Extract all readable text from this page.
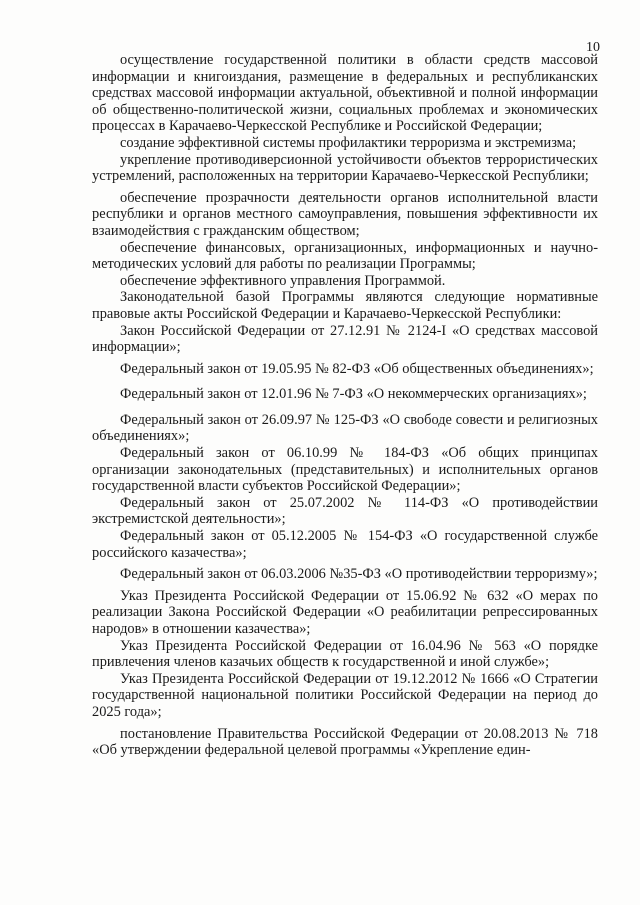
10

осуществление государственной политики в области средств массовой информации и книгоиздания, размещение в федеральных и республиканских средствах массовой информации актуальной, объективной и полной информации об общественно-политической жизни, социальных проблемах и экономических процессах в Карачаево-Черкесской Республике и Российской Федерации;

создание эффективной системы профилактики терроризма и экстремизма;

укрепление противодиверсионной устойчивости объектов террористических устремлений, расположенных на территории Карачаево-Черкесской Республики;

обеспечение прозрачности деятельности органов исполнительной власти республики и органов местного самоуправления, повышения эффективности их взаимодействия с гражданским обществом;

обеспечение финансовых, организационных, информационных и научно-методических условий для работы по реализации Программы;

обеспечение эффективного управления Программой.

Законодательной базой Программы являются следующие нормативные правовые акты Российской Федерации и Карачаево-Черкесской Республики:

Закон Российской Федерации от 27.12.91 № 2124-I «О средствах массовой информации»;

Федеральный закон от 19.05.95 № 82-ФЗ «Об общественных объединениях»;

Федеральный закон от 12.01.96 № 7-ФЗ «О некоммерческих организациях»;

Федеральный закон от 26.09.97 № 125-ФЗ «О свободе совести и религиозных объединениях»;

Федеральный закон от 06.10.99 № 184-ФЗ «Об общих принципах организации законодательных (представительных) и исполнительных органов государственной власти субъектов Российской Федерации»;

Федеральный закон от 25.07.2002 № 114-ФЗ «О противодействии экстремистской деятельности»;

Федеральный закон от 05.12.2005 № 154-ФЗ «О государственной службе российского казачества»;

Федеральный закон от 06.03.2006 №35-ФЗ «О противодействии терроризму»;

Указ Президента Российской Федерации от 15.06.92 № 632 «О мерах по реализации Закона Российской Федерации «О реабилитации репрессированных народов» в отношении казачества»;

Указ Президента Российской Федерации от 16.04.96 № 563 «О порядке привлечения членов казачьих обществ к государственной и иной службе»;

Указ Президента Российской Федерации от 19.12.2012 № 1666 «О Стратегии государственной национальной политики Российской Федерации на период до 2025 года»;

постановление Правительства Российской Федерации от 20.08.2013 № 718 «Об утверждении федеральной целевой программы «Укрепление един-
